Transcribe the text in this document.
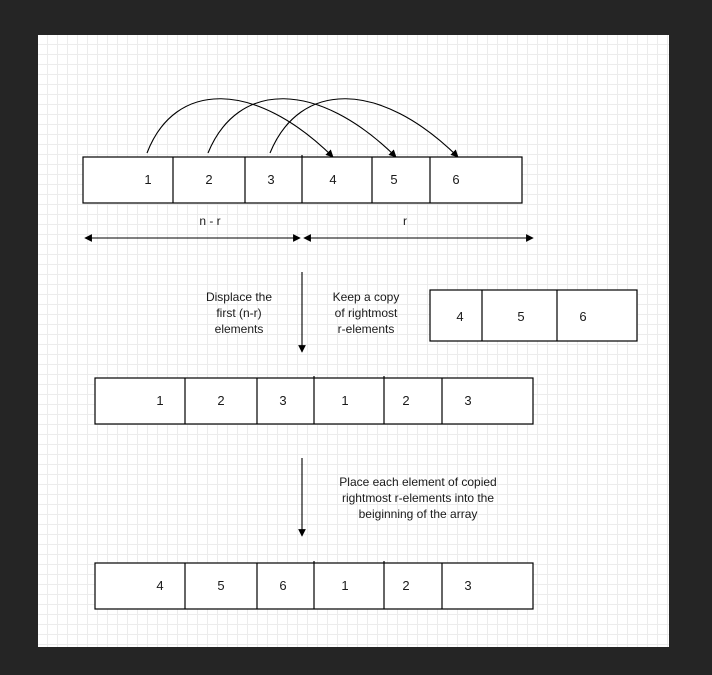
1	2	3	4	5	6
n - r	r
Displace the
first (n-r)
elements
Keep a copy
of rightmost
r-elements
4	5	6
1	2	3	1	2	3
Place each element of copied
rightmost r-elements into the
beiginning of the array
4	5	6	1	2	3
